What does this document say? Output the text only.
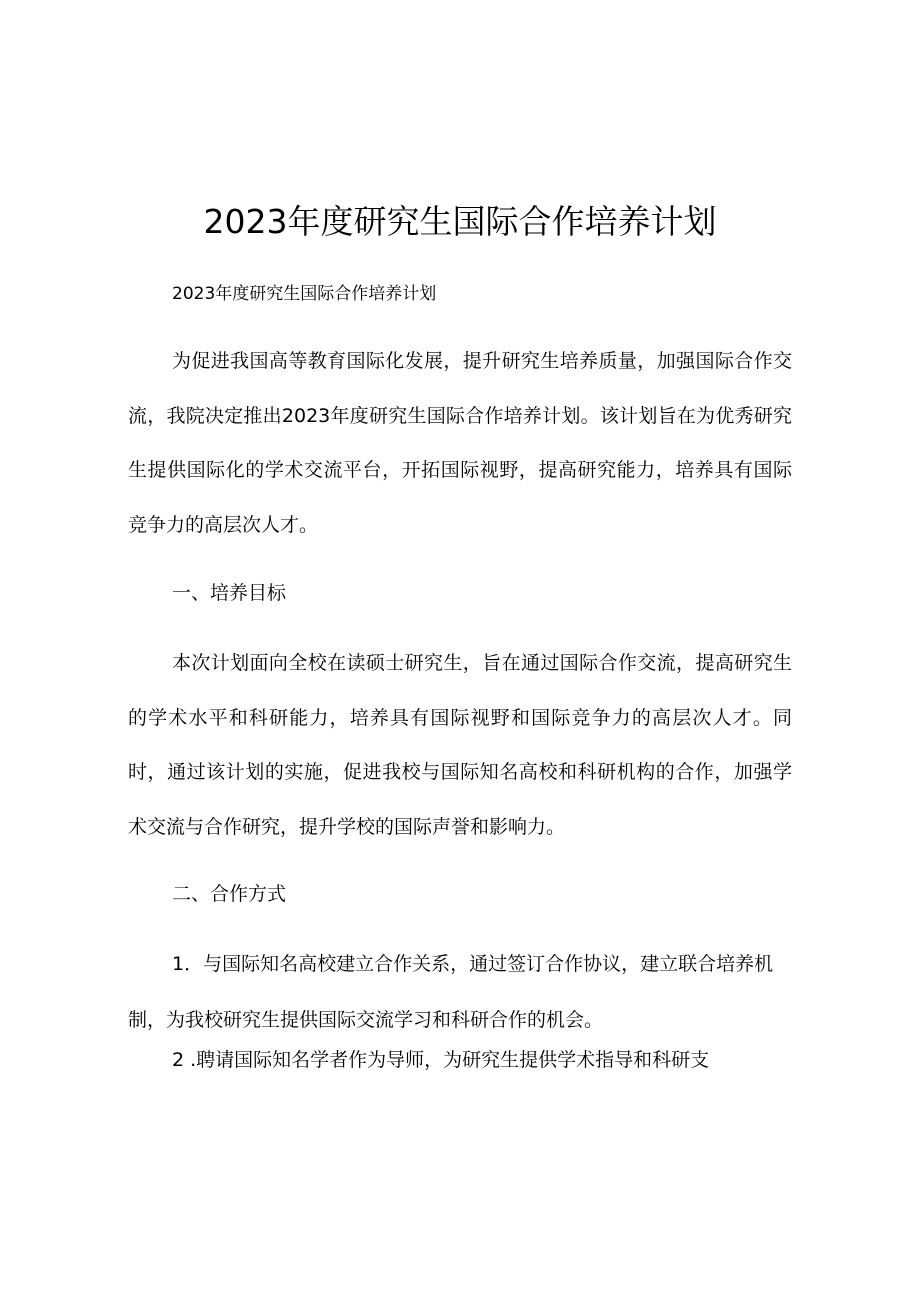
2023年度研究生国际合作培养计划
2023年度研究生国际合作培养计划

为促进我国高等教育国际化发展，提升研究生培养质量，加强国际合作交流，我院决定推出2023年度研究生国际合作培养计划。该计划旨在为优秀研究生提供国际化的学术交流平台，开拓国际视野，提高研究能力，培养具有国际竞争力的高层次人才。

一、培养目标

本次计划面向全校在读硕士研究生，旨在通过国际合作交流，提高研究生的学术水平和科研能力，培养具有国际视野和国际竞争力的高层次人才。同时，通过该计划的实施，促进我校与国际知名高校和科研机构的合作，加强学术交流与合作研究，提升学校的国际声誉和影响力。

二、合作方式

1．与国际知名高校建立合作关系，通过签订合作协议，建立联合培养机制，为我校研究生提供国际交流学习和科研合作的机会。

2 .聘请国际知名学者作为导师，为研究生提供学术指导和科研支
